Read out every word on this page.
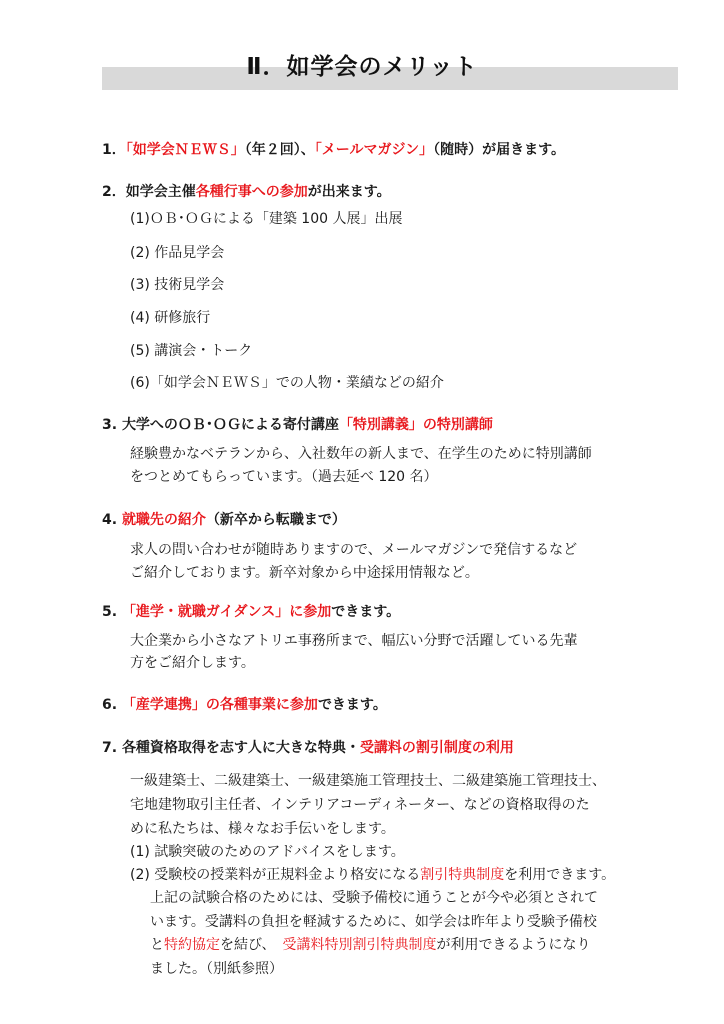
Ⅱ．如学会のメリット
1．「如学会ＮＥＷＳ」（年２回）、「メールマガジン」（随時）が届きます。
2．如学会主催各種行事への参加が出来ます。
(1)ＯＢ･ＯＧによる「建築 100 人展」出展
(2) 作品見学会
(3) 技術見学会
(4) 研修旅行
(5) 講演会・トーク
(6)「如学会ＮＥＷＳ」での人物・業績などの紹介
3. 大学へのＯＢ･ＯＧによる寄付講座「特別講義」の特別講師
経験豊かなベテランから、入社数年の新人まで、在学生のために特別講師
をつとめてもらっています。（過去延べ 120 名）
4. 就職先の紹介（新卒から転職まで）
求人の問い合わせが随時ありますので、メールマガジンで発信するなど
ご紹介しております。新卒対象から中途採用情報など。
5. 「進学・就職ガイダンス」に参加できます。
大企業から小さなアトリエ事務所まで、幅広い分野で活躍している先輩
方をご紹介します。
6. 「産学連携」の各種事業に参加できます。
7. 各種資格取得を志す人に大きな特典・受講料の割引制度の利用
一級建築士、二級建築士、一級建築施工管理技士、二級建築施工管理技士、
宅地建物取引主任者、インテリアコーディネーター、などの資格取得のた
めに私たちは、様々なお手伝いをします。
(1) 試験突破のためのアドバイスをします。
(2) 受験校の授業料が正規料金より格安になる割引特典制度を利用できます。
上記の試験合格のためには、受験予備校に通うことが今や必須とされて
います。受講料の負担を軽減するために、如学会は昨年より受験予備校
と特約協定を結び、　受講料特別割引特典制度が利用できるようになり
ました。（別紙参照）
